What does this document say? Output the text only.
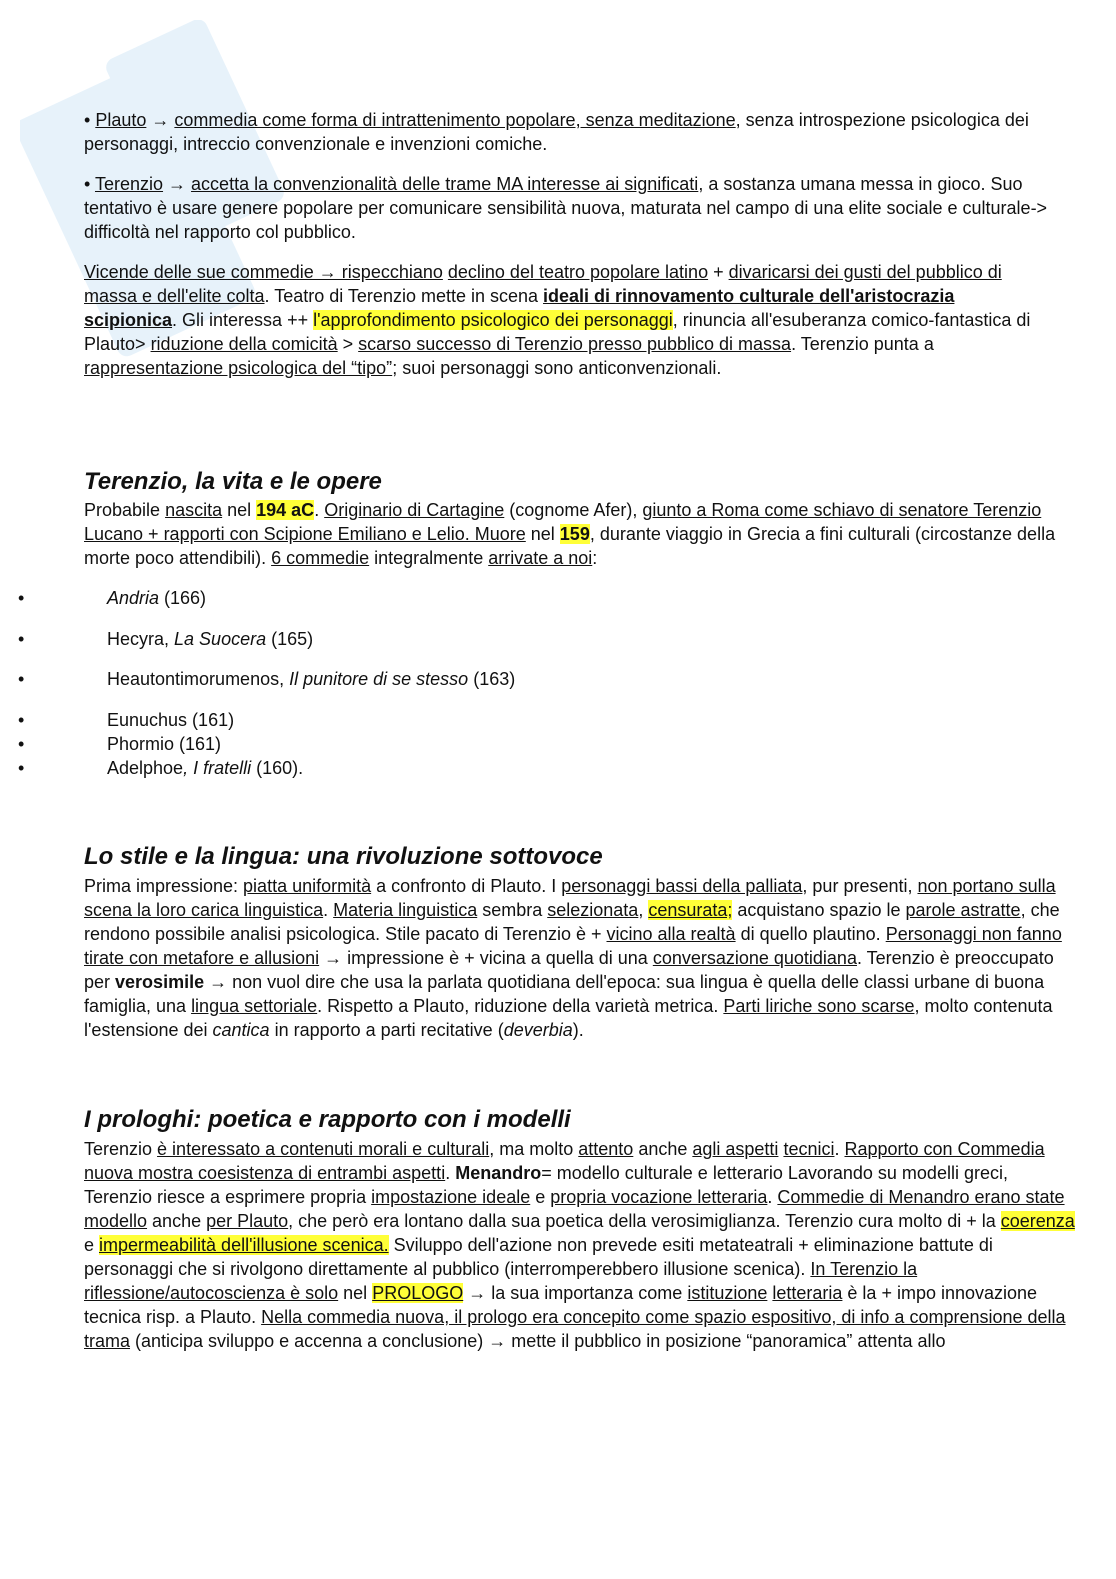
• Plauto → commedia come forma di intrattenimento popolare, senza meditazione, senza introspezione psicologica dei personaggi, intreccio convenzionale e invenzioni comiche.

• Terenzio → accetta la convenzionalità delle trame MA interesse ai significati, a sostanza umana messa in gioco. Suo tentativo è usare genere popolare per comunicare sensibilità nuova, maturata nel campo di una elite sociale e culturale-> difficoltà nel rapporto col pubblico.

Vicende delle sue commedie → rispecchiano declino del teatro popolare latino + divaricarsi dei gusti del pubblico di massa e dell'elite colta. Teatro di Terenzio mette in scena ideali di rinnovamento culturale dell'aristocrazia scipionica. Gli interessa ++ l'approfondimento psicologico dei personaggi, rinuncia all'esuberanza comico-fantastica di Plauto> riduzione della comicità > scarso successo di Terenzio presso pubblico di massa. Terenzio punta a rappresentazione psicologica del “tipo”; suoi personaggi sono anticonvenzionali.

Terenzio, la vita e le opere

Probabile nascita nel 194 aC. Originario di Cartagine (cognome Afer), giunto a Roma come schiavo di senatore Terenzio Lucano + rapporti con Scipione Emiliano e Lelio. Muore nel 159, durante viaggio in Grecia a fini culturali (circostanze della morte poco attendibili). 6 commedie integralmente arrivate a noi:

•	Andria (166)
•	Hecyra, La Suocera (165)
•	Heautontimorumenos, Il punitore di se stesso (163)
•	Eunuchus (161)
•	Phormio (161)
•	Adelphoe, I fratelli (160).
Lo stile e la lingua: una rivoluzione sottovoce

Prima impressione: piatta uniformità a confronto di Plauto. I personaggi bassi della palliata, pur presenti, non portano sulla scena la loro carica linguistica. Materia linguistica sembra selezionata, censurata; acquistano spazio le parole astratte, che rendono possibile analisi psicologica. Stile pacato di Terenzio è + vicino alla realtà di quello plautino. Personaggi non fanno tirate con metafore e allusioni → impressione è + vicina a quella di una conversazione quotidiana. Terenzio è preoccupato per verosimile → non vuol dire che usa la parlata quotidiana dell'epoca: sua lingua è quella delle classi urbane di buona famiglia, una lingua settoriale. Rispetto a Plauto, riduzione della varietà metrica. Parti liriche sono scarse, molto contenuta l'estensione dei cantica in rapporto a parti recitative (deverbia).

I prologhi: poetica e rapporto con i modelli

Terenzio è interessato a contenuti morali e culturali, ma molto attento anche agli aspetti tecnici. Rapporto con Commedia nuova mostra coesistenza di entrambi aspetti. Menandro= modello culturale e letterario Lavorando su modelli greci, Terenzio riesce a esprimere propria impostazione ideale e propria vocazione letteraria. Commedie di Menandro erano state modello anche per Plauto, che però era lontano dalla sua poetica della verosimiglianza. Terenzio cura molto di + la coerenza e impermeabilità dell'illusione scenica. Sviluppo dell'azione non prevede esiti metateatrali + eliminazione battute di personaggi che si rivolgono direttamente al pubblico (interromperebbero illusione scenica). In Terenzio la riflessione/autocoscienza è solo nel PROLOGO → la sua importanza come istituzione letteraria è la + impo innovazione tecnica risp. a Plauto. Nella commedia nuova, il prologo era concepito come spazio espositivo, di info a comprensione della trama (anticipa sviluppo e accenna a conclusione) → mette il pubblico in posizione “panoramica” attenta allo
